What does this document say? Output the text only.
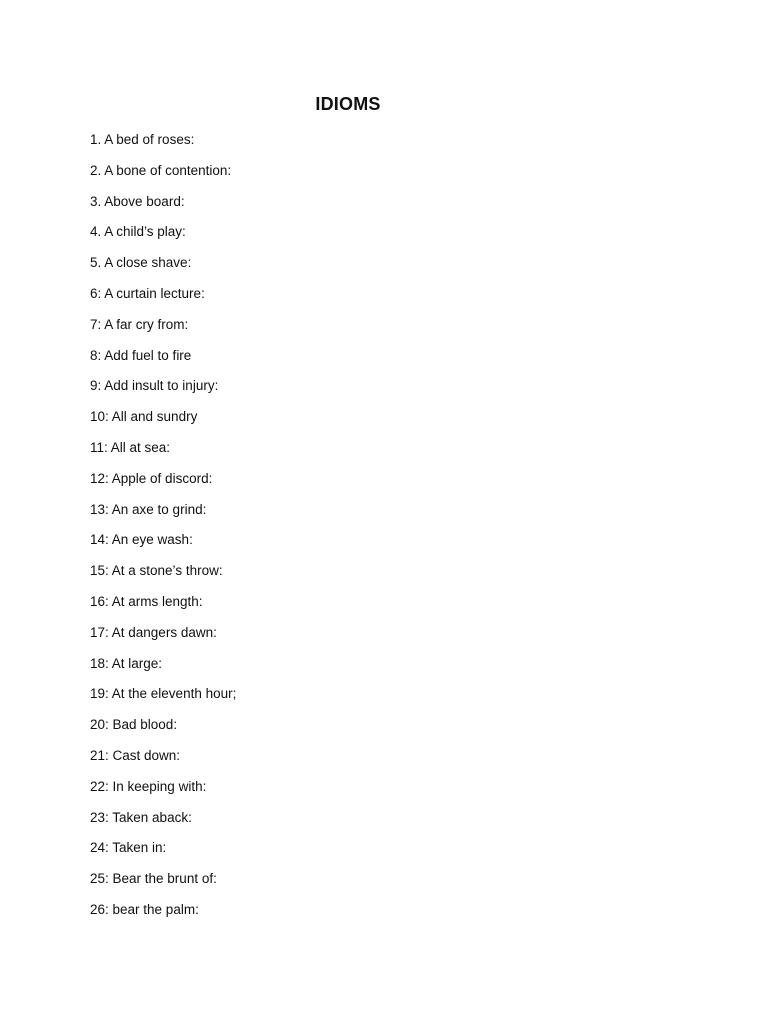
IDIOMS
1. A bed of roses:
2. A bone of contention:
3. Above board:
4. A child’s play:
5. A close shave:
6: A curtain lecture:
7: A far cry from:
8: Add fuel to fire
9: Add insult to injury:
10: All and sundry
11: All at sea:
12: Apple of discord:
13: An axe to grind:
14: An eye wash:
15: At a stone’s throw:
16: At arms length:
17: At dangers dawn:
18: At large:
19: At the eleventh hour;
20: Bad blood:
21: Cast down:
22: In keeping with:
23: Taken aback:
24: Taken in:
25: Bear the brunt of:
26: bear the palm:
